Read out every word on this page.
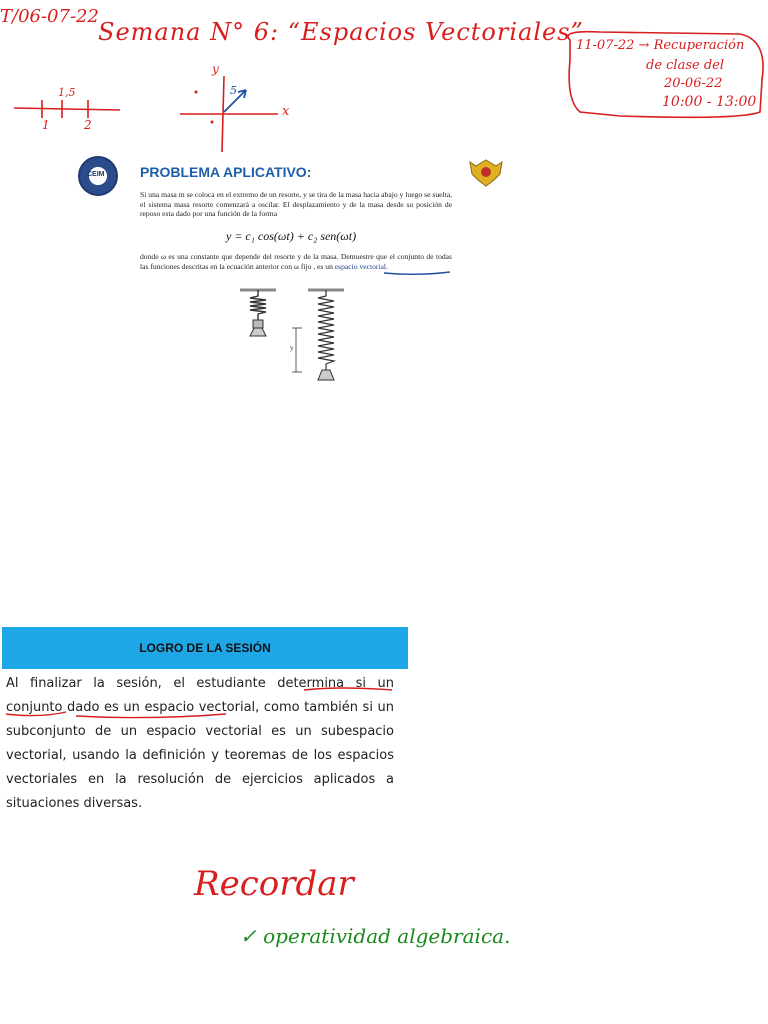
T/06-07-22
Semana N° 6: “Espacios Vectoriales”
11-07-22 → Recuperación
de clase del
20-06-22
10:00 - 13:00
1,5
1	2
y
x
5
CEIM	PROBLEMA APLICATIVO:
Si una masa m se coloca en el extremo de un resorte, y se tira de la masa hacia abajo y luego se suelta, el sistema masa resorte comenzará a oscilar. El desplazamiento y de la masa desde su posición de reposo esta dado por una función de la forma
y = c₁ cos(ωt) + c₂ sen(ωt)
donde ω es una constante que depende del resorte y de la masa. Demuestre que el conjunto de todas las funciones descritas en la ecuación anterior con ω fijo , es un espacio vectorial.
y
LOGRO DE LA SESIÓN
Al finalizar la sesión, el estudiante determina si un conjunto dado es un espacio vectorial, como también si un subconjunto de un espacio vectorial es un subespacio vectorial, usando la definición y teoremas de los espacios vectoriales en la resolución de ejercicios aplicados a situaciones diversas.
Recordar
✓ operatividad algebraica.
